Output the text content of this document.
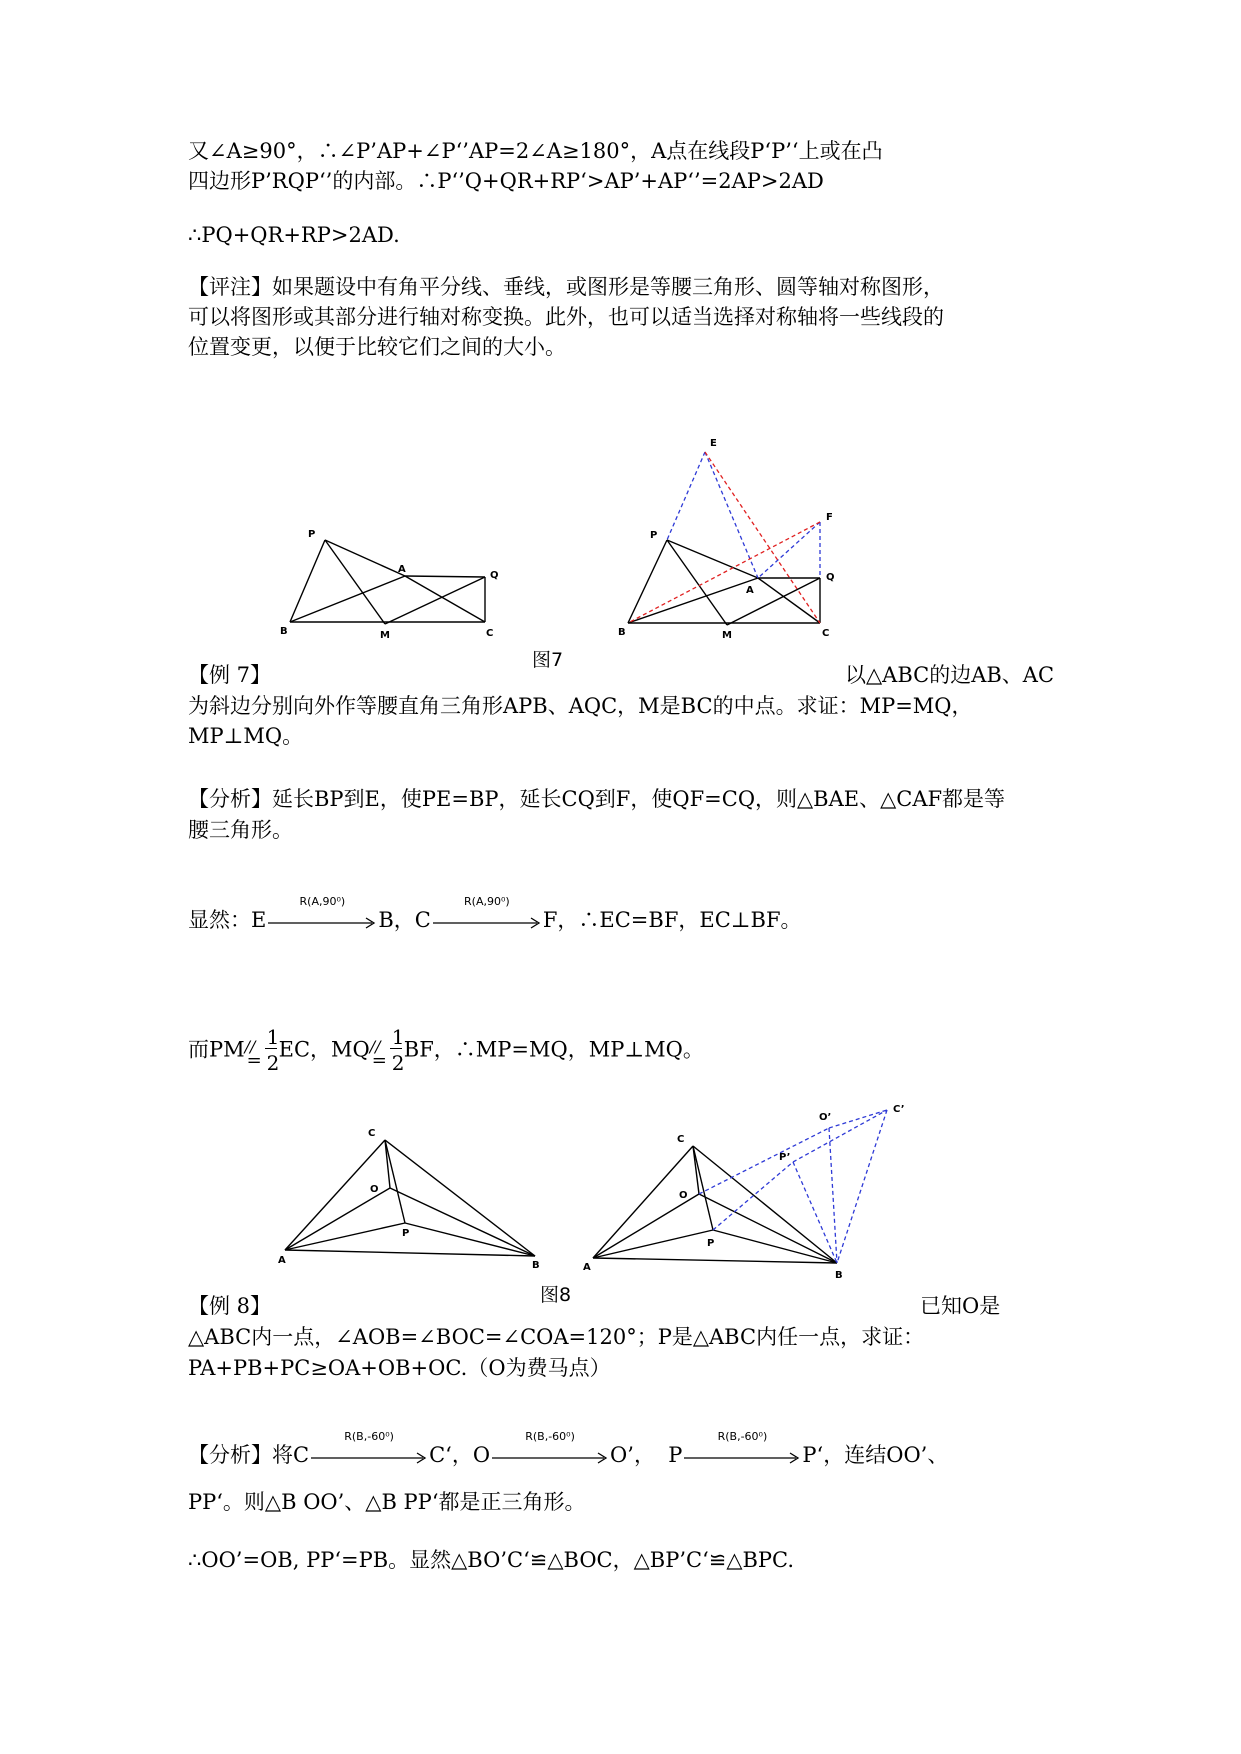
又∠A≥90°，∴∠P’AP+∠P‘’AP=2∠A≥180°，A点在线段P‘P’‘上或在凸
四边形P’RQP‘’的内部。∴P‘’Q+QR+RP‘>AP’+AP‘’=2AP>2AD
∴PQ+QR+RP>2AD.
【评注】如果题设中有角平分线、垂线，或图形是等腰三角形、圆等轴对称图形，
可以将图形或其部分进行轴对称变换。此外，也可以适当选择对称轴将一些线段的
位置变更，以便于比较它们之间的大小。
P
A
Q
B	M	C
E
F
P
A
Q
B	M	C
图7
【例 7】	以△ABC的边AB、AC
为斜边分别向外作等腰直角三角形APB、AQC，M是BC的中点。求证：MP=MQ，
MP⊥MQ。
【分析】延长BP到E，使PE=BP，延长CQ到F，使QF=CQ，则△BAE、△CAF都是等
腰三角形。
显然：E
R(A,90⁰)
B，C
R(A,90⁰)
F，∴EC=BF，EC⊥BF。
而PM //
=
1
2
EC，MQ //
=
1
2
BF，∴MP=MQ，MP⊥MQ。
C
O
P
A	B
C
O
P
A
B
O’
P’
C’
图8
【例 8】	已知O是
△ABC内一点，∠AOB=∠BOC=∠COA=120°；P是△ABC内任一点，求证：
PA+PB+PC≥OA+OB+OC.（O为费马点）
【分析】将C
R(B,-60⁰)
C‘，O
R(B,-60⁰)
O’，  P
R(B,-60⁰)
P‘，连结OO’、
PP‘。则△B OO’、△B PP‘都是正三角形。
∴OO’=OB, PP‘=PB。显然△BO’C‘≌△BOC，△BP’C‘≌△BPC.
